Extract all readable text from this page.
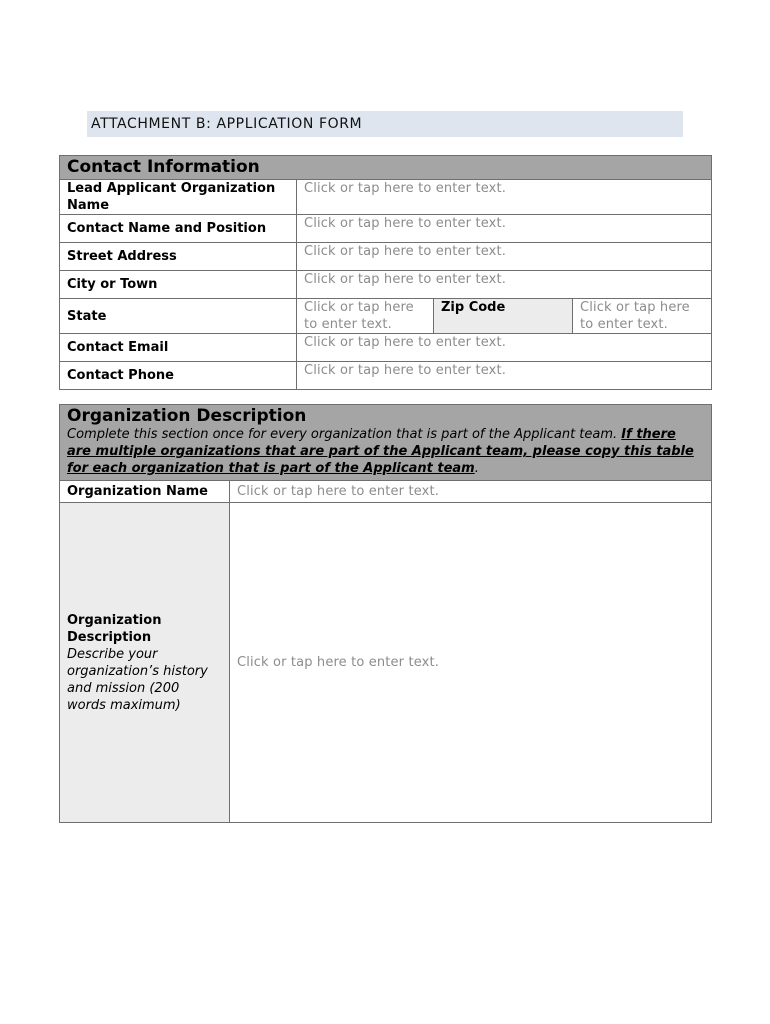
ATTACHMENT B: APPLICATION FORM
Contact Information			
Lead Applicant Organization Name	Click or tap here to enter text.		
Contact Name and Position	Click or tap here to enter text.		
Street Address	Click or tap here to enter text.		
City or Town	Click or tap here to enter text.		
State	Click or tap here to enter text.	Zip Code	Click or tap here to enter text.
Contact Email	Click or tap here to enter text.		
Contact Phone	Click or tap here to enter text.		
Organization Description
Complete this section once for every organization that is part of the Applicant team. If there are multiple organizations that are part of the Applicant team, please copy this table for each organization that is part of the Applicant team.	

Organization Name	Click or tap here to enter text.

Organization Description
Describe your organization’s history and mission (200 words maximum)	Click or tap here to enter text.
